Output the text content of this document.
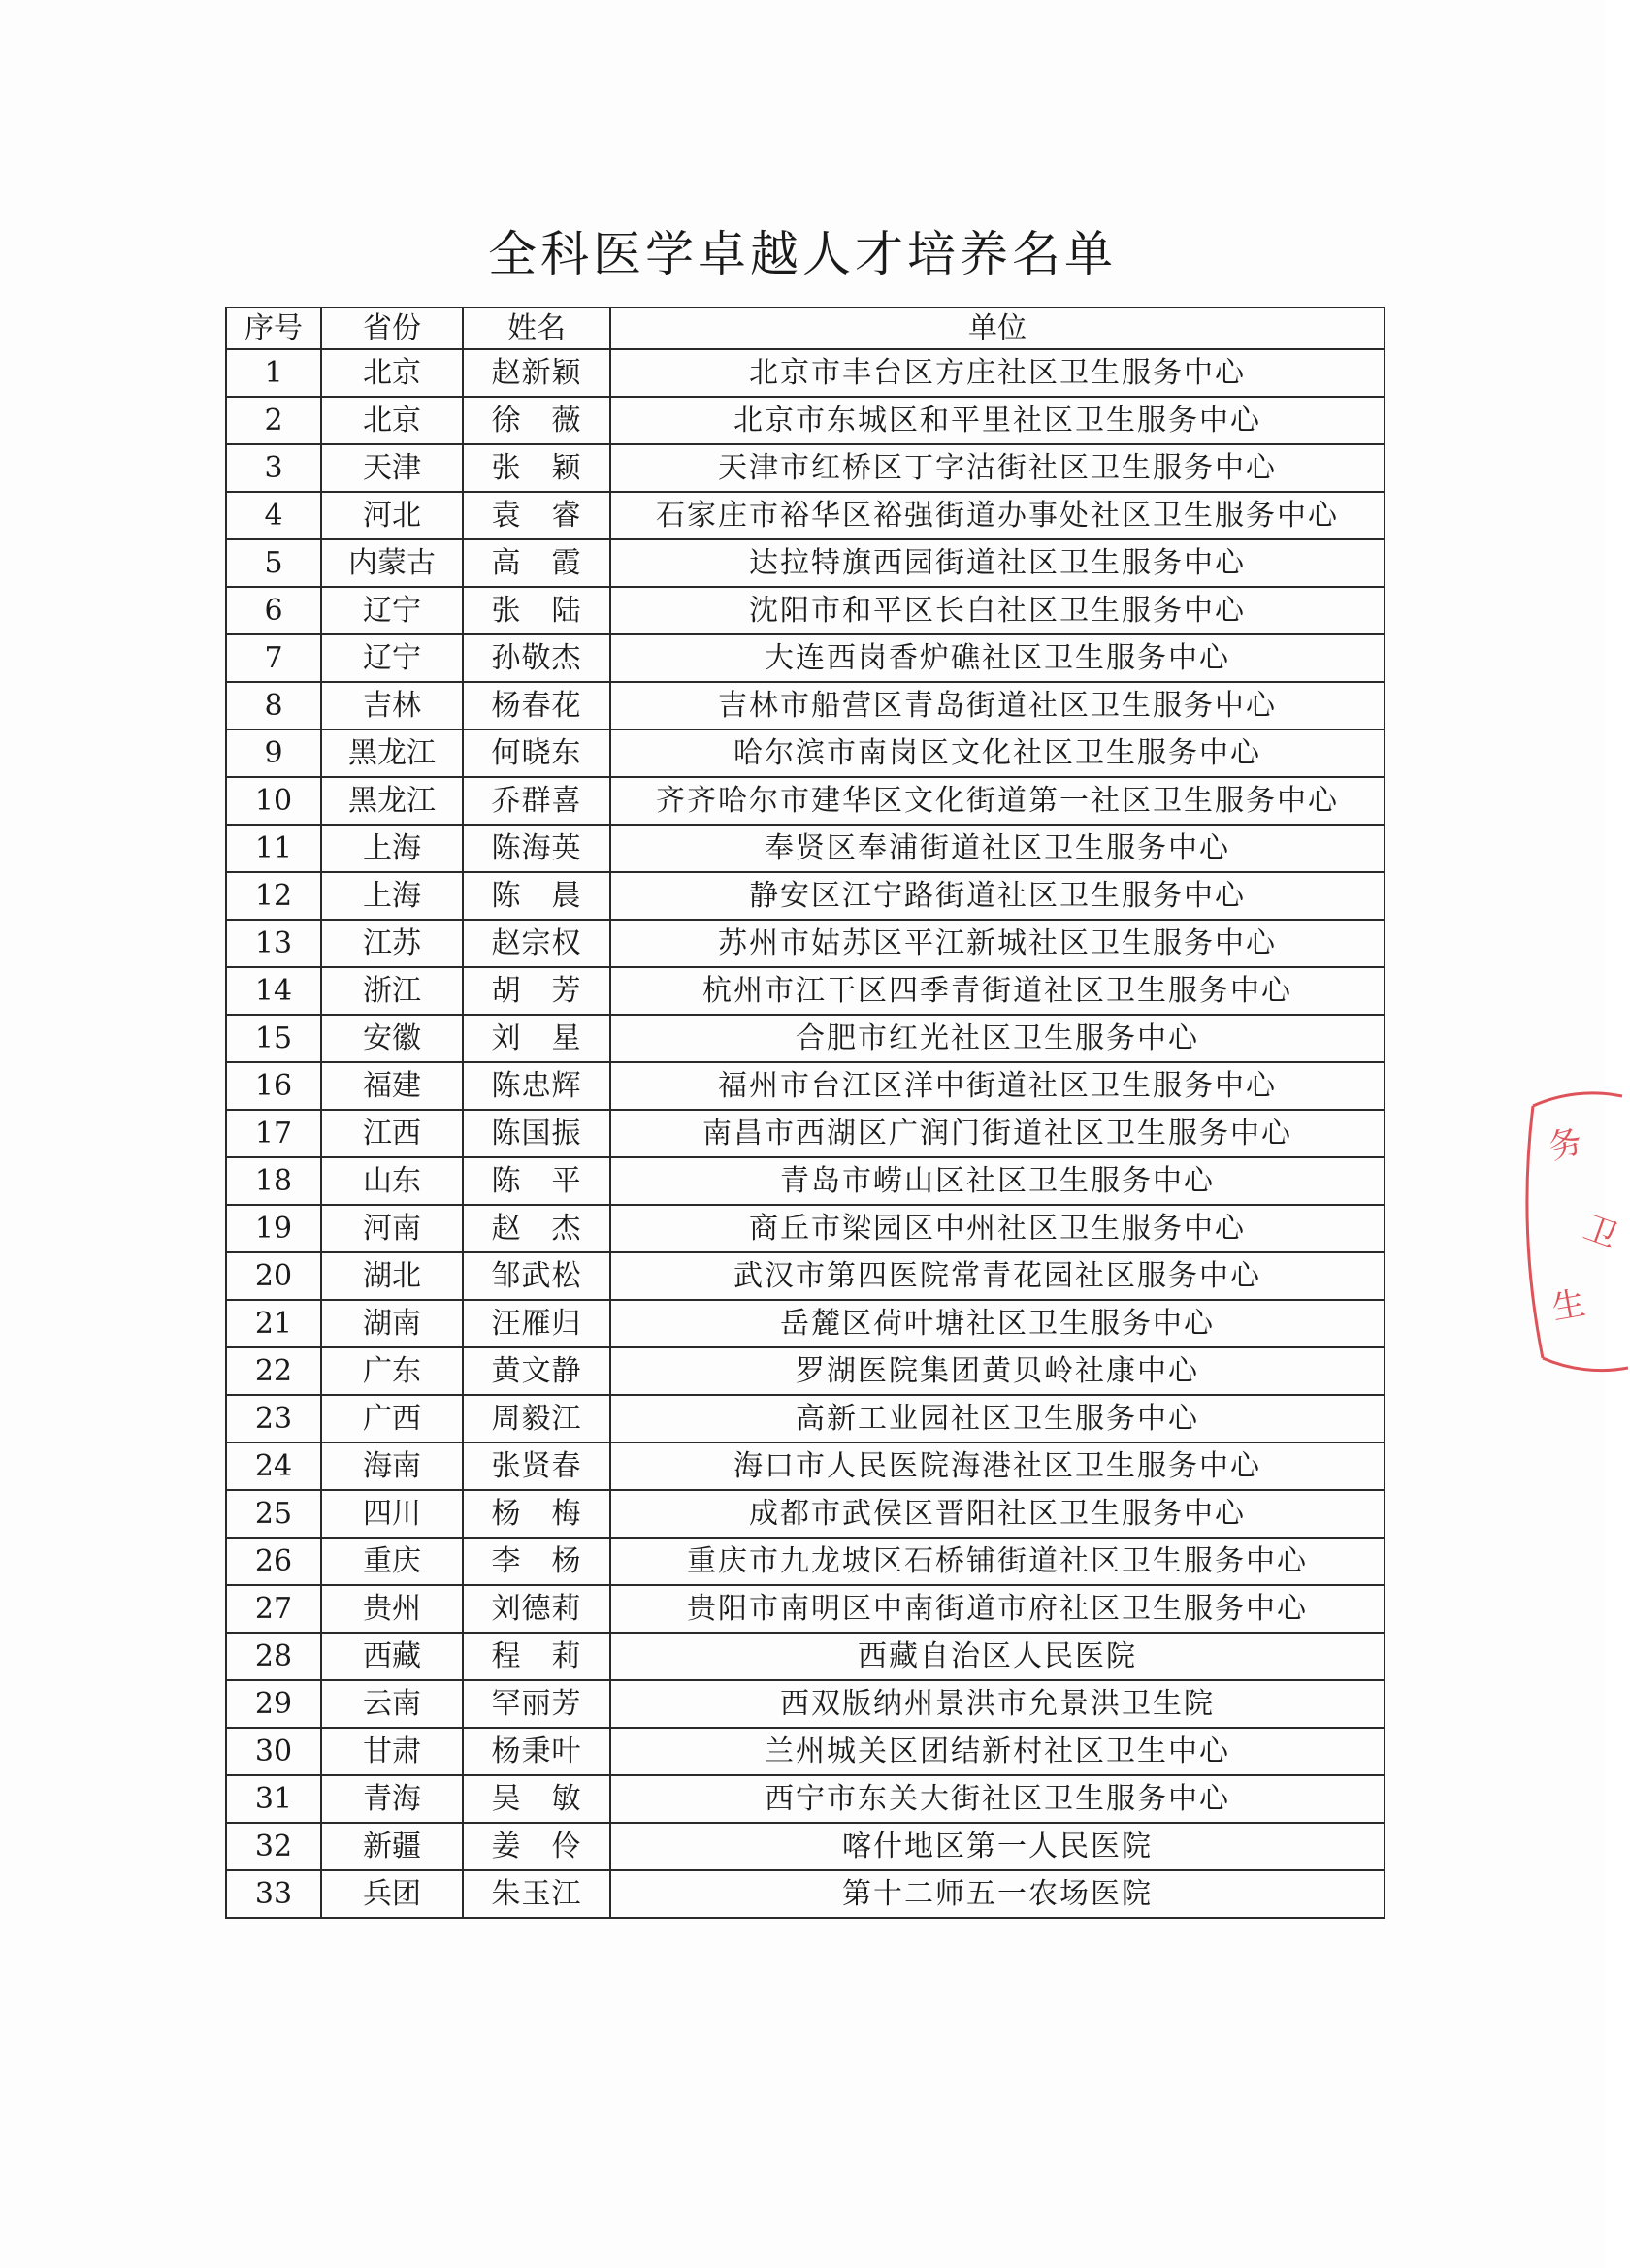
全科医学卓越人才培养名单
序号	省份	姓名	单位
1	北京	赵新颖	北京市丰台区方庄社区卫生服务中心
2	北京	徐　薇	北京市东城区和平里社区卫生服务中心
3	天津	张　颖	天津市红桥区丁字沽街社区卫生服务中心
4	河北	袁　睿	石家庄市裕华区裕强街道办事处社区卫生服务中心
5	内蒙古	高　霞	达拉特旗西园街道社区卫生服务中心
6	辽宁	张　陆	沈阳市和平区长白社区卫生服务中心
7	辽宁	孙敬杰	大连西岗香炉礁社区卫生服务中心
8	吉林	杨春花	吉林市船营区青岛街道社区卫生服务中心
9	黑龙江	何晓东	哈尔滨市南岗区文化社区卫生服务中心
10	黑龙江	乔群喜	齐齐哈尔市建华区文化街道第一社区卫生服务中心
11	上海	陈海英	奉贤区奉浦街道社区卫生服务中心
12	上海	陈　晨	静安区江宁路街道社区卫生服务中心
13	江苏	赵宗权	苏州市姑苏区平江新城社区卫生服务中心
14	浙江	胡　芳	杭州市江干区四季青街道社区卫生服务中心
15	安徽	刘　星	合肥市红光社区卫生服务中心
16	福建	陈忠辉	福州市台江区洋中街道社区卫生服务中心
17	江西	陈国振	南昌市西湖区广润门街道社区卫生服务中心
18	山东	陈　平	青岛市崂山区社区卫生服务中心
19	河南	赵　杰	商丘市梁园区中州社区卫生服务中心
20	湖北	邹武松	武汉市第四医院常青花园社区服务中心
21	湖南	汪雁归	岳麓区荷叶塘社区卫生服务中心
22	广东	黄文静	罗湖医院集团黄贝岭社康中心
23	广西	周毅江	高新工业园社区卫生服务中心
24	海南	张贤春	海口市人民医院海港社区卫生服务中心
25	四川	杨　梅	成都市武侯区晋阳社区卫生服务中心
26	重庆	李　杨	重庆市九龙坡区石桥铺街道社区卫生服务中心
27	贵州	刘德莉	贵阳市南明区中南街道市府社区卫生服务中心
28	西藏	程　莉	西藏自治区人民医院
29	云南	罕丽芳	西双版纳州景洪市允景洪卫生院
30	甘肃	杨秉叶	兰州城关区团结新村社区卫生中心
31	青海	吴　敏	西宁市东关大街社区卫生服务中心
32	新疆	姜　伶	喀什地区第一人民医院
33	兵团	朱玉江	第十二师五一农场医院
务
卫
生
